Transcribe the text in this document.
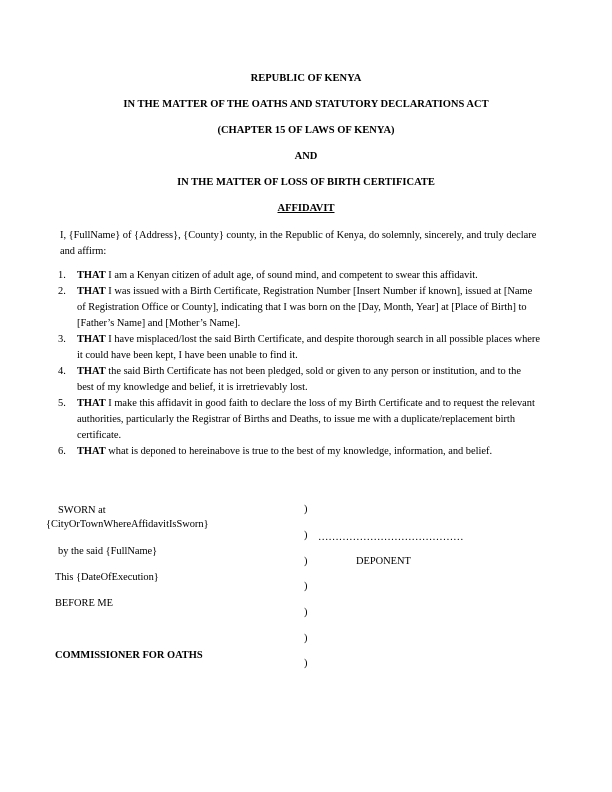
REPUBLIC OF KENYA
IN THE MATTER OF THE OATHS AND STATUTORY DECLARATIONS ACT
(CHAPTER 15 OF LAWS OF KENYA)
AND
IN THE MATTER OF LOSS OF BIRTH CERTIFICATE
AFFIDAVIT
I, {FullName} of {Address}, {County} county, in the Republic of Kenya, do solemnly, sincerely, and truly declare and affirm:
1. THAT I am a Kenyan citizen of adult age, of sound mind, and competent to swear this affidavit.
2. THAT I was issued with a Birth Certificate, Registration Number [Insert Number if known], issued at [Name of Registration Office or County], indicating that I was born on the [Day, Month, Year] at [Place of Birth] to [Father’s Name] and [Mother’s Name].
3. THAT I have misplaced/lost the said Birth Certificate, and despite thorough search in all possible places where it could have been kept, I have been unable to find it.
4. THAT the said Birth Certificate has not been pledged, sold or given to any person or institution, and to the best of my knowledge and belief, it is irretrievably lost.
5. THAT I make this affidavit in good faith to declare the loss of my Birth Certificate and to request the relevant authorities, particularly the Registrar of Births and Deaths, to issue me with a duplicate/replacement birth certificate.
6. THAT what is deponed to hereinabove is true to the best of my knowledge, information, and belief.
SWORN at
{CityOrTownWhereAffidavitIsSworn}
by the said {FullName}
This {DateOfExecution}
BEFORE ME
COMMISSIONER FOR OATHS
)
)
)
)
)
)
)
……………………………………
DEPONENT
